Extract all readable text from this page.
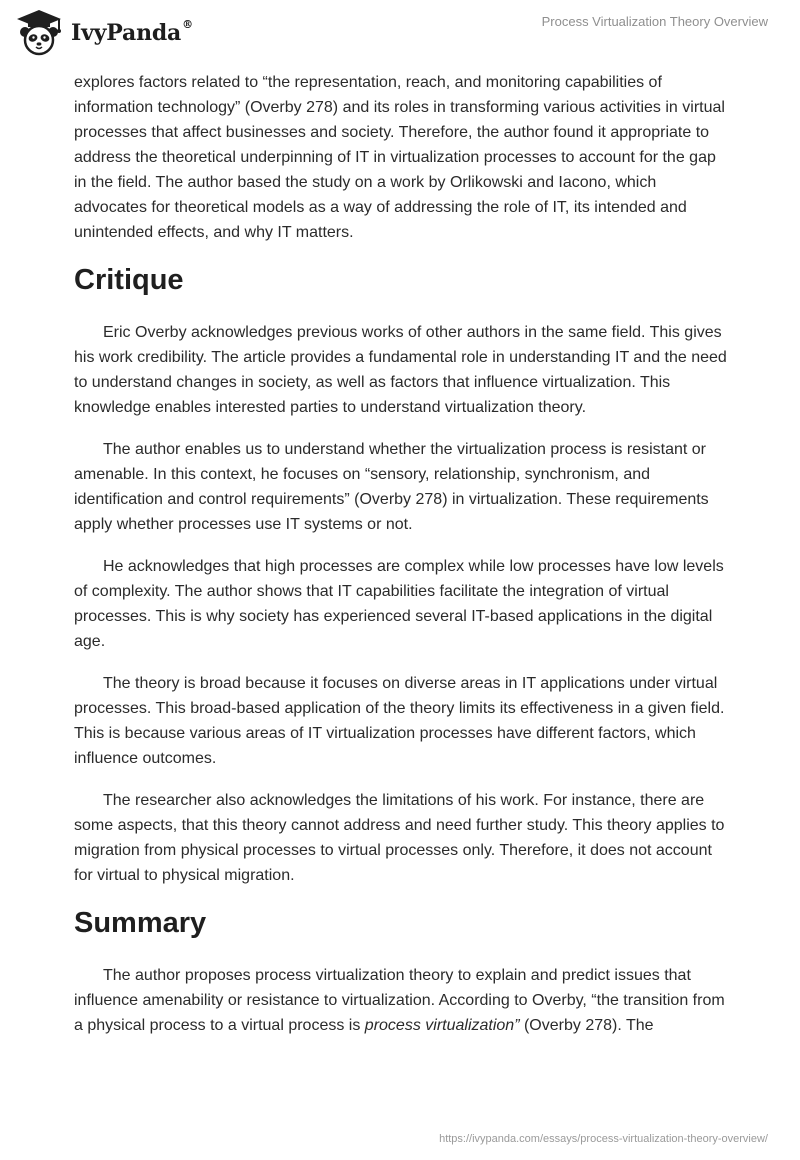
IvyPanda®	Process Virtualization Theory Overview

explores factors related to “the representation, reach, and monitoring capabilities of information technology” (Overby 278) and its roles in transforming various activities in virtual processes that affect businesses and society. Therefore, the author found it appropriate to address the theoretical underpinning of IT in virtualization processes to account for the gap in the field. The author based the study on a work by Orlikowski and Iacono, which advocates for theoretical models as a way of addressing the role of IT, its intended and unintended effects, and why IT matters.

Critique

Eric Overby acknowledges previous works of other authors in the same field. This gives his work credibility. The article provides a fundamental role in understanding IT and the need to understand changes in society, as well as factors that influence virtualization. This knowledge enables interested parties to understand virtualization theory.

The author enables us to understand whether the virtualization process is resistant or amenable. In this context, he focuses on “sensory, relationship, synchronism, and identification and control requirements” (Overby 278) in virtualization. These requirements apply whether processes use IT systems or not.

He acknowledges that high processes are complex while low processes have low levels of complexity. The author shows that IT capabilities facilitate the integration of virtual processes. This is why society has experienced several IT-based applications in the digital age.

The theory is broad because it focuses on diverse areas in IT applications under virtual processes. This broad-based application of the theory limits its effectiveness in a given field. This is because various areas of IT virtualization processes have different factors, which influence outcomes.

The researcher also acknowledges the limitations of his work. For instance, there are some aspects, that this theory cannot address and need further study. This theory applies to migration from physical processes to virtual processes only. Therefore, it does not account for virtual to physical migration.

Summary

The author proposes process virtualization theory to explain and predict issues that influence amenability or resistance to virtualization. According to Overby, “the transition from a physical process to a virtual process is process virtualization” (Overby 278). The

https://ivypanda.com/essays/process-virtualization-theory-overview/
